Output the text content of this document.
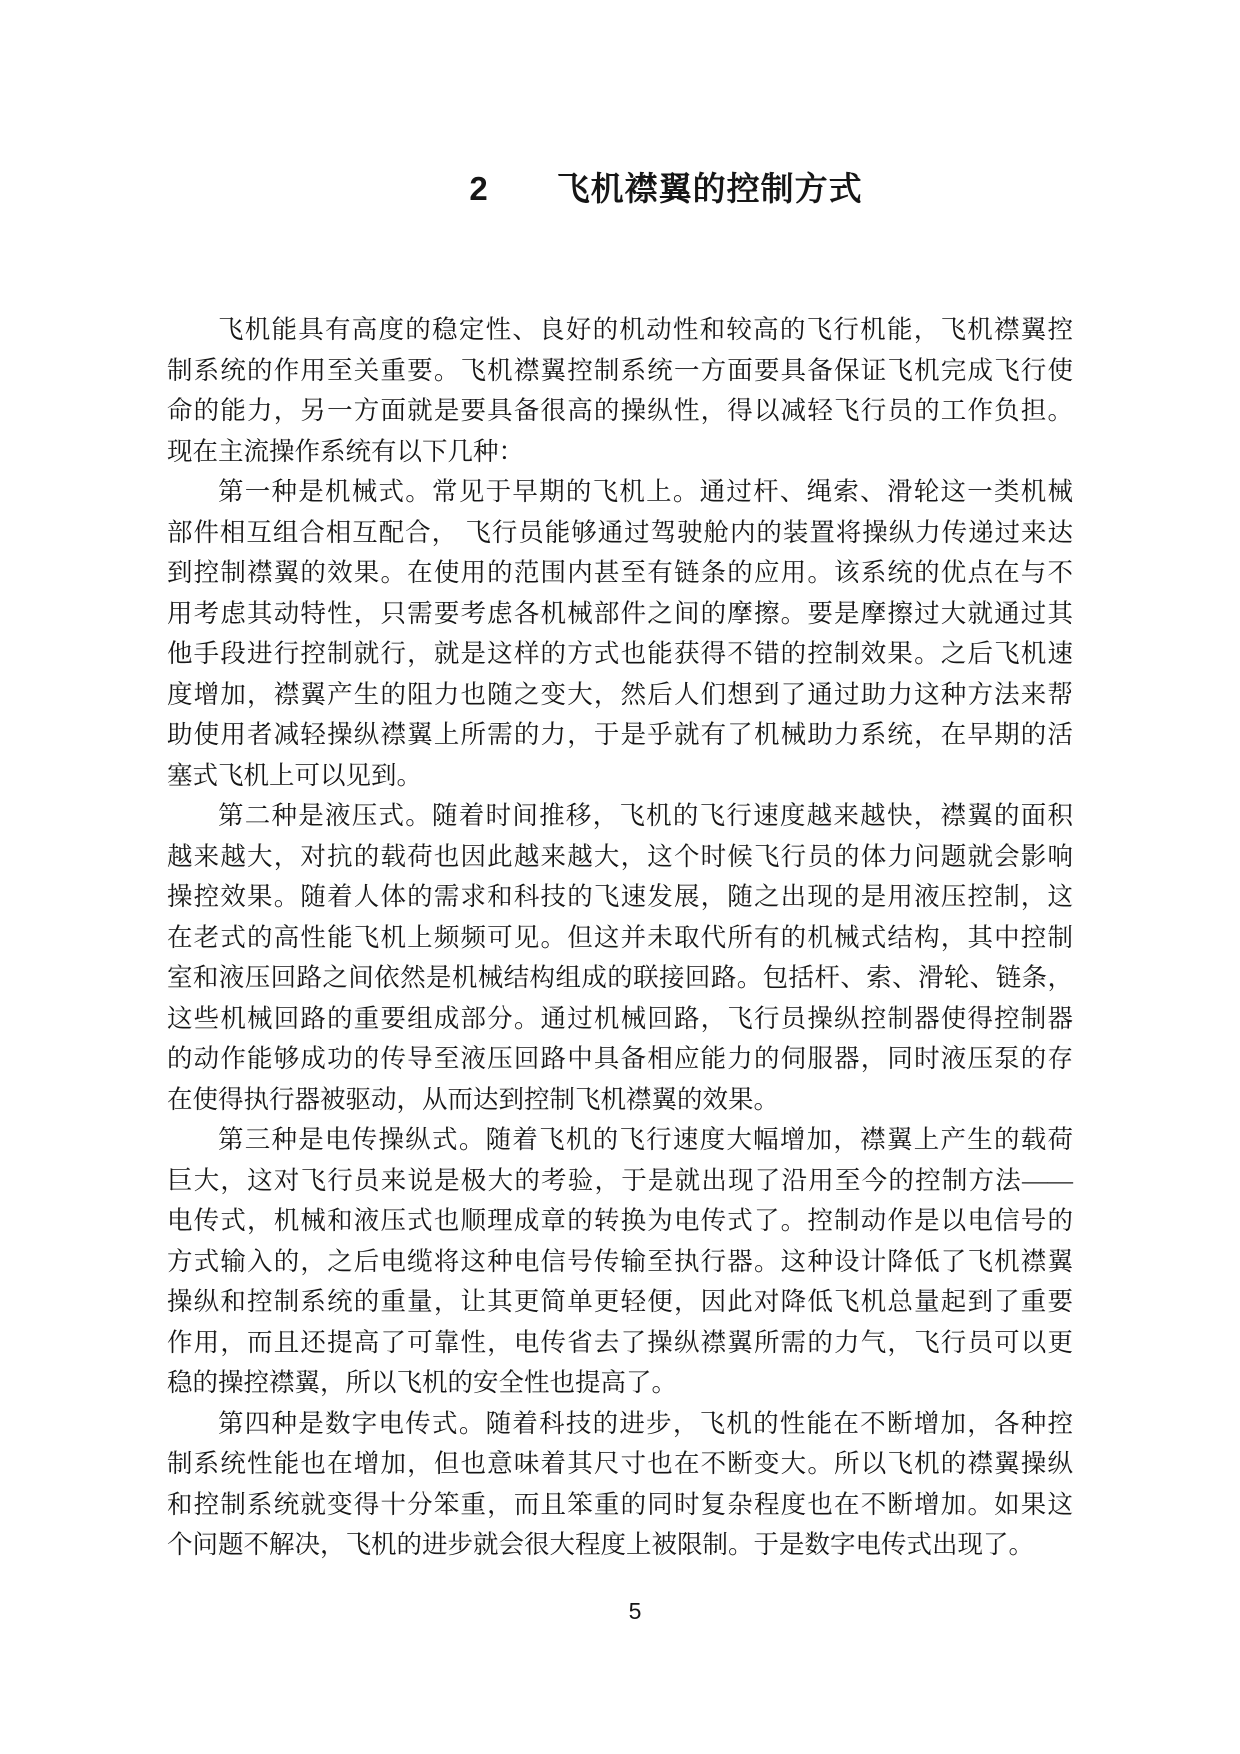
2　　飞机襟翼的控制方式
飞机能具有高度的稳定性、良好的机动性和较高的飞行机能，飞机襟翼控
制系统的作用至关重要。飞机襟翼控制系统一方面要具备保证飞机完成飞行使
命的能力，另一方面就是要具备很高的操纵性，得以减轻飞行员的工作负担。
现在主流操作系统有以下几种：
第一种是机械式。常见于早期的飞机上。通过杆、绳索、滑轮这一类机械
部件相互组合相互配合， 飞行员能够通过驾驶舱内的装置将操纵力传递过来达
到控制襟翼的效果。在使用的范围内甚至有链条的应用。该系统的优点在与不
用考虑其动特性，只需要考虑各机械部件之间的摩擦。要是摩擦过大就通过其
他手段进行控制就行，就是这样的方式也能获得不错的控制效果。之后飞机速
度增加，襟翼产生的阻力也随之变大，然后人们想到了通过助力这种方法来帮
助使用者减轻操纵襟翼上所需的力，于是乎就有了机械助力系统，在早期的活
塞式飞机上可以见到。
第二种是液压式。随着时间推移，飞机的飞行速度越来越快，襟翼的面积
越来越大，对抗的载荷也因此越来越大，这个时候飞行员的体力问题就会影响
操控效果。随着人体的需求和科技的飞速发展，随之出现的是用液压控制，这
在老式的高性能飞机上频频可见。但这并未取代所有的机械式结构，其中控制
室和液压回路之间依然是机械结构组成的联接回路。包括杆、索、滑轮、链条，
这些机械回路的重要组成部分。通过机械回路，飞行员操纵控制器使得控制器
的动作能够成功的传导至液压回路中具备相应能力的伺服器，同时液压泵的存
在使得执行器被驱动，从而达到控制飞机襟翼的效果。
第三种是电传操纵式。随着飞机的飞行速度大幅增加，襟翼上产生的载荷
巨大，这对飞行员来说是极大的考验，于是就出现了沿用至今的控制方法——
电传式，机械和液压式也顺理成章的转换为电传式了。控制动作是以电信号的
方式输入的，之后电缆将这种电信号传输至执行器。这种设计降低了飞机襟翼
操纵和控制系统的重量，让其更简单更轻便，因此对降低飞机总量起到了重要
作用，而且还提高了可靠性，电传省去了操纵襟翼所需的力气，飞行员可以更
稳的操控襟翼，所以飞机的安全性也提高了。
第四种是数字电传式。随着科技的进步，飞机的性能在不断增加，各种控
制系统性能也在增加，但也意味着其尺寸也在不断变大。所以飞机的襟翼操纵
和控制系统就变得十分笨重，而且笨重的同时复杂程度也在不断增加。如果这
个问题不解决，飞机的进步就会很大程度上被限制。于是数字电传式出现了。
5
